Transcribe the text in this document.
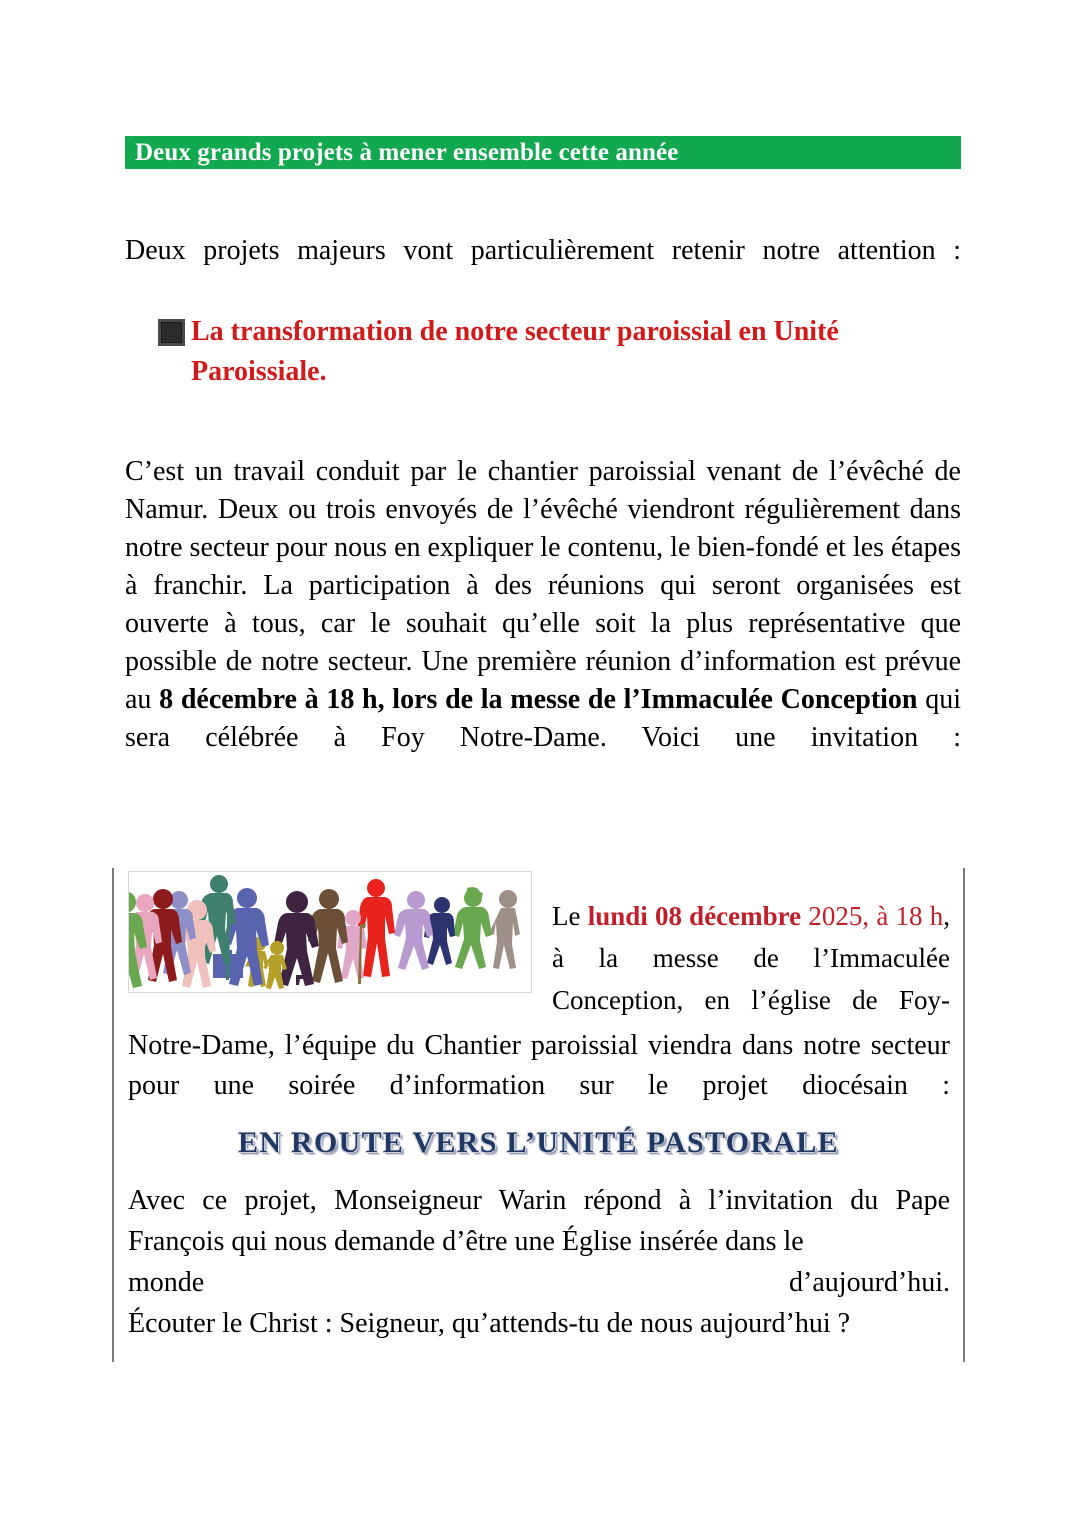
Deux grands projets à mener ensemble cette année

Deux projets majeurs vont particulièrement retenir notre attention :

La transformation de notre secteur paroissial en Unité Paroissiale.

C’est un travail conduit par le chantier paroissial venant de l’évêché de Namur. Deux ou trois envoyés de l’évêché viendront régulièrement dans notre secteur pour nous en expliquer le contenu, le bien-fondé et les étapes à franchir. La participation à des réunions qui seront organisées est ouverte à tous, car le souhait qu’elle soit la plus représentative que possible de notre secteur. Une première réunion d’information est prévue au 8 décembre à 18 h, lors de la messe de l’Immaculée Conception qui sera célébrée à Foy Notre-Dame. Voici une invitation :

Le lundi 08 décembre 2025, à 18 h, à la messe de l’Immaculée Conception, en l’église de Foy-

Notre-Dame, l’équipe du Chantier paroissial viendra dans notre secteur pour une soirée d’information sur le projet diocésain :

EN ROUTE VERS L’UNITÉ PASTORALE
Avec ce projet, Monseigneur Warin répond à l’invitation du Pape François qui nous demande d’être une Église insérée dans le
monde	d’aujourd’hui.
Écouter le Christ : Seigneur, qu’attends-tu de nous aujourd’hui ?
